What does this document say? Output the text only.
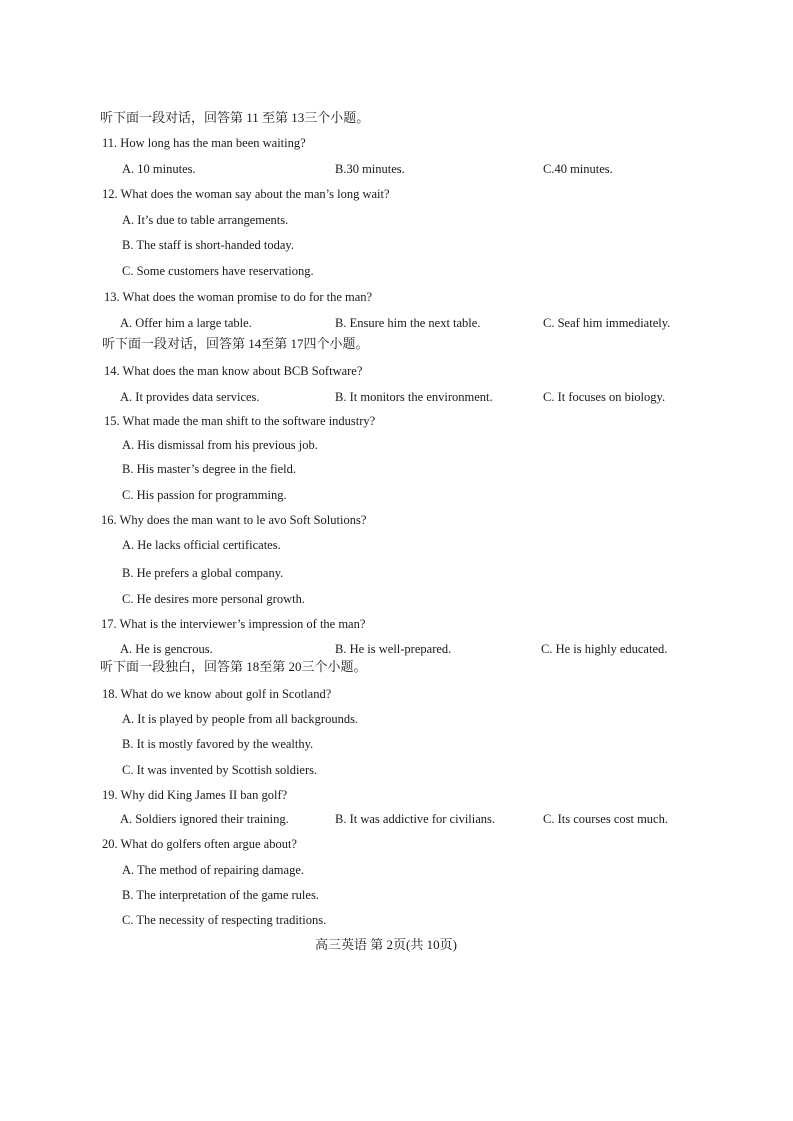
听下面一段对话，回答第 11 至第 13三个小题。
11. How long has the man been waiting?
A. 10 minutes.	B.30 minutes.	C.40 minutes.
12. What does the woman say about the man’s long wait?
A. It’s due to table arrangements.
B. The staff is short-handed today.
C. Some customers have reservationg.
13. What does the woman promise to do for the man?
A. Offer him a large table.	B. Ensure him the next table.	C. Seaf him immediately.
听下面一段对话，回答第 14至第 17四个小题。
14. What does the man know about BCB Software?
A. It provides data services.	B. It monitors the environment.	C. It focuses on biology.
15. What made the man shift to the software industry?
A. His dismissal from his previous job.
B. His master’s degree in the field.
C. His passion for programming.
16. Why does the man want to le avo Soft Solutions?
A. He lacks official certificates.
B. He prefers a global company.
C. He desires more personal growth.
17. What is the interviewer’s impression of the man?
A. He is gencrous.	B. He is well-prepared.	C. He is highly educated.
听下面一段独白，回答第 18至第 20三个小题。
18. What do we know about golf in Scotland?
A. It is played by people from all backgrounds.
B. It is mostly favored by the wealthy.
C. It was invented by Scottish soldiers.
19. Why did King James II ban golf?
A. Soldiers ignored their training.	B. It was addictive for civilians.	C. Its courses cost much.
20. What do golfers often argue about?
A. The method of repairing damage.
B. The interpretation of the game rules.
C. The necessity of respecting traditions.
高三英语 第 2页(共 10页)
